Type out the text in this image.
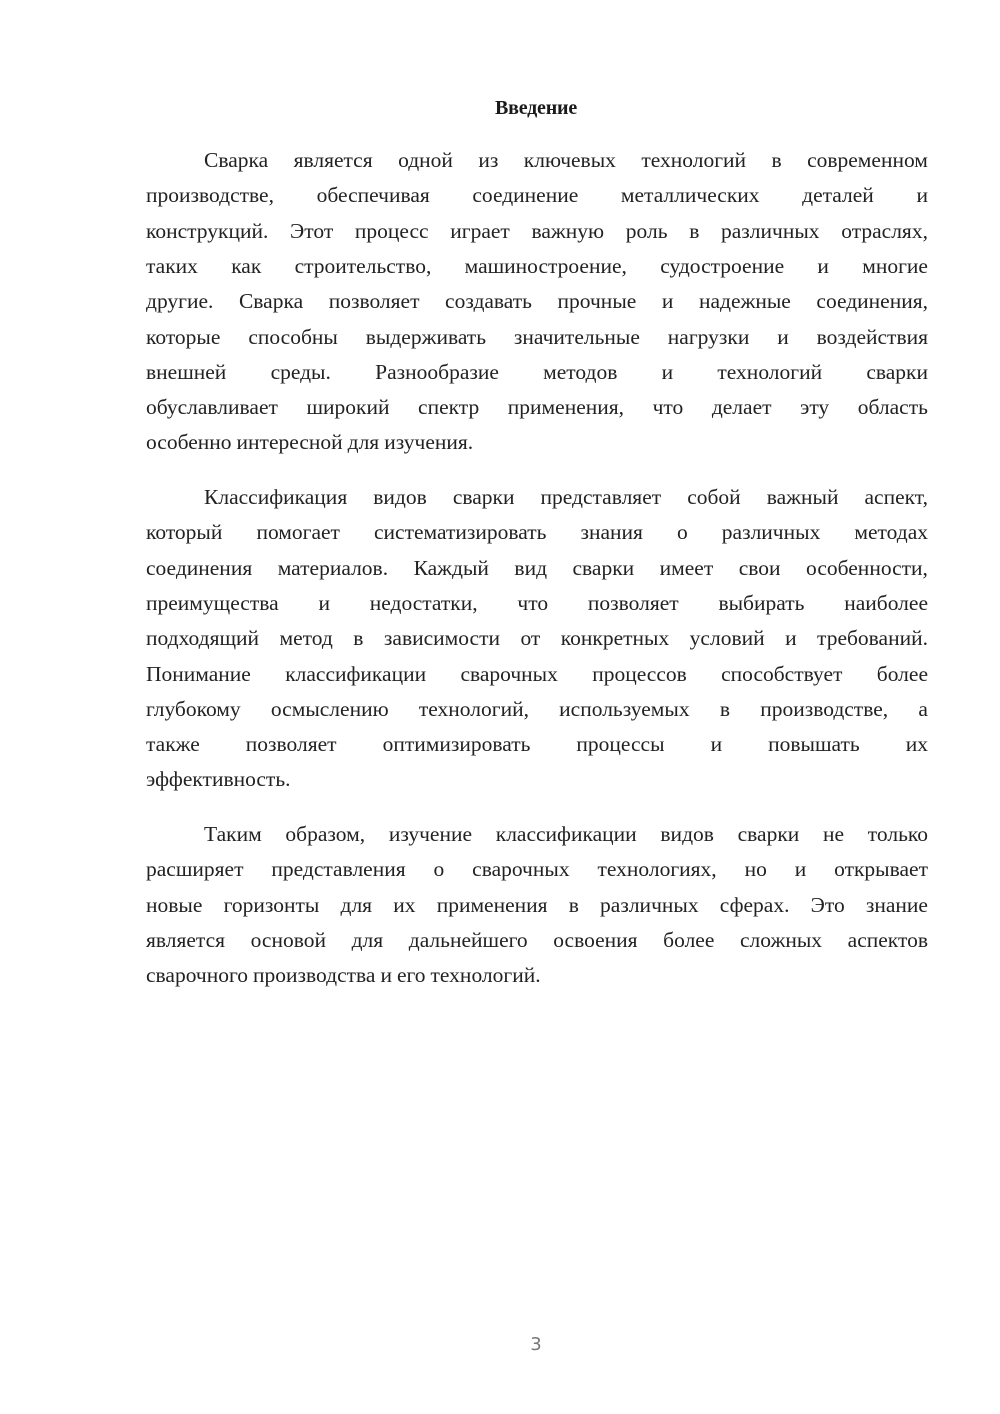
Введение
Сварка является одной из ключевых технологий в современном
производстве, обеспечивая соединение металлических деталей и
конструкций. Этот процесс играет важную роль в различных отраслях,
таких как строительство, машиностроение, судостроение и многие
другие. Сварка позволяет создавать прочные и надежные соединения,
которые способны выдерживать значительные нагрузки и воздействия
внешней среды. Разнообразие методов и технологий сварки
обуславливает широкий спектр применения, что делает эту область
особенно интересной для изучения.
Классификация видов сварки представляет собой важный аспект,
который помогает систематизировать знания о различных методах
соединения материалов. Каждый вид сварки имеет свои особенности,
преимущества и недостатки, что позволяет выбирать наиболее
подходящий метод в зависимости от конкретных условий и требований.
Понимание классификации сварочных процессов способствует более
глубокому осмыслению технологий, используемых в производстве, а
также позволяет оптимизировать процессы и повышать их
эффективность.
Таким образом, изучение классификации видов сварки не только
расширяет представления о сварочных технологиях, но и открывает
новые горизонты для их применения в различных сферах. Это знание
является основой для дальнейшего освоения более сложных аспектов
сварочного производства и его технологий.
3
